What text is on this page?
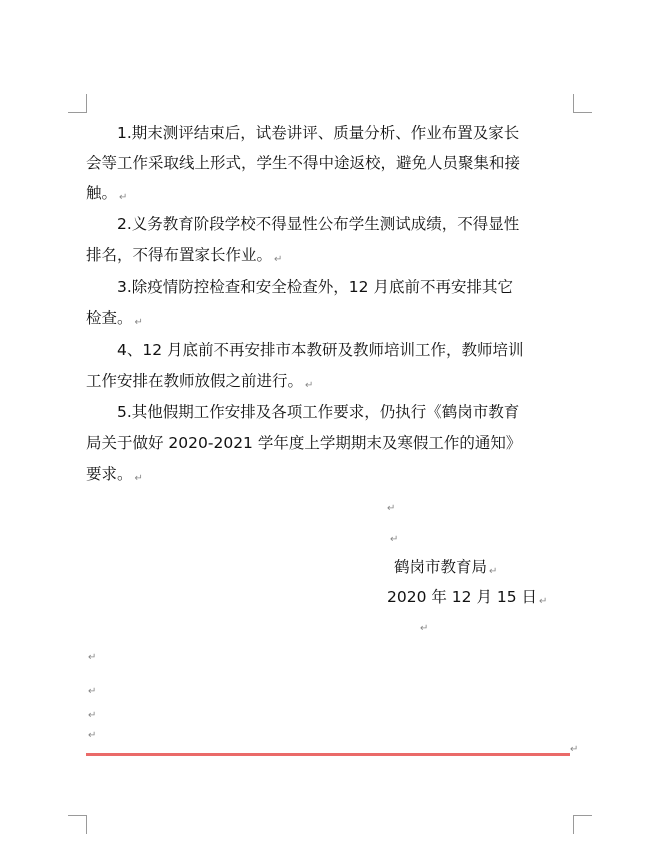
　　1.期末测评结束后，试卷讲评、质量分析、作业布置及家长
会等工作采取线上形式，学生不得中途返校，避免人员聚集和接
触。 ↵
　　2.义务教育阶段学校不得显性公布学生测试成绩，不得显性
排名，不得布置家长作业。 ↵
　　3.除疫情防控检查和安全检查外，12 月底前不再安排其它
检查。 ↵
　　4、12 月底前不再安排市本教研及教师培训工作，教师培训
工作安排在教师放假之前进行。 ↵
　　5.其他假期工作安排及各项工作要求，仍执行《鹤岗市教育
局关于做好 2020-2021 学年度上学期期末及寒假工作的通知》
要求。 ↵
↵
↵
鹤岗市教育局 ↵
2020 年 12 月 15 日 ↵
↵
↵
↵
↵
↵
↵
